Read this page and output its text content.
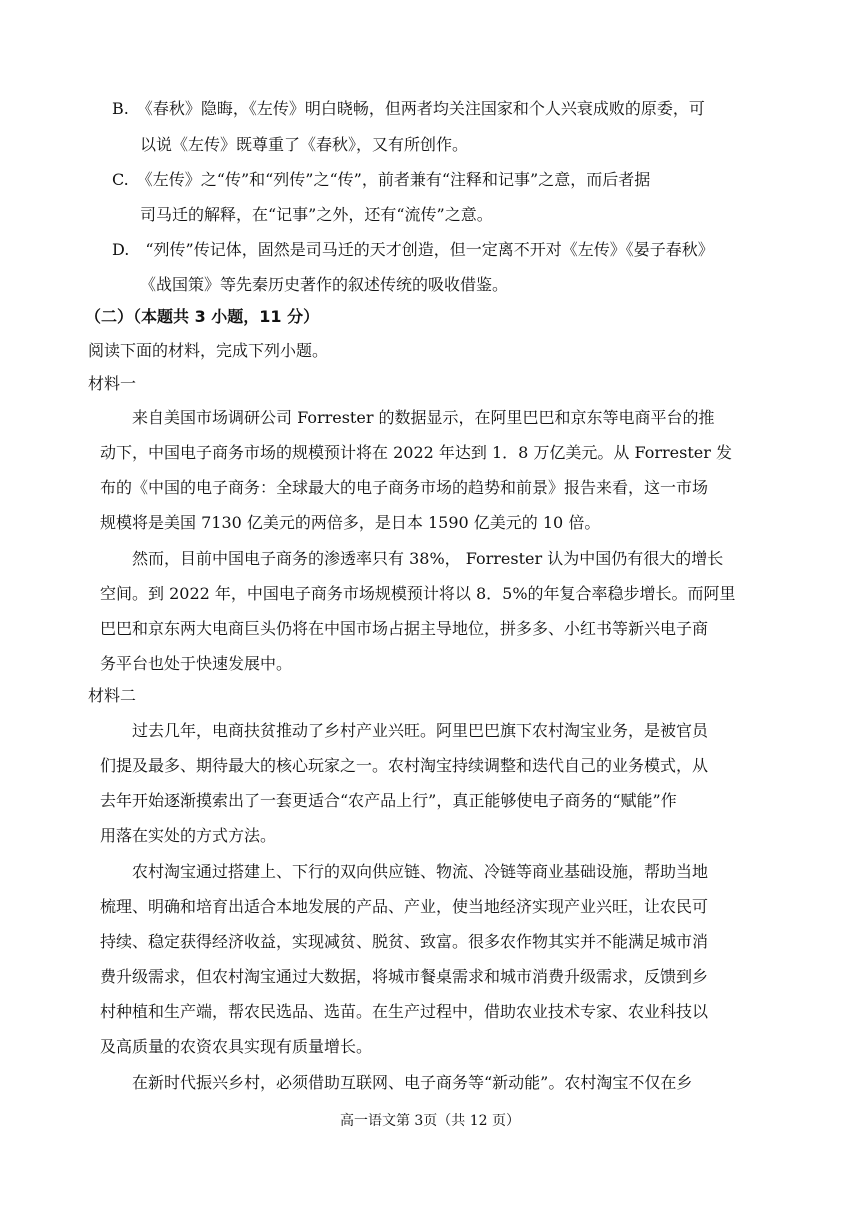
B.　《春秋》隐晦，《左传》明白晓畅，但两者均关注国家和个人兴衰成败的原委，可
以说《左传》既尊重了《春秋》，又有所创作。
C.　《左传》之“传”和“列传”之“传”，前者兼有“注释和记事”之意，而后者据
司马迁的解释，在“记事”之外，还有“流传”之意。
D.　“列传”传记体，固然是司马迁的天才创造，但一定离不开对《左传》《晏子春秋》
《战国策》等先秦历史著作的叙述传统的吸收借鉴。
（二）（本题共 3 小题，11 分）
阅读下面的材料，完成下列小题。
材料一
来自美国市场调研公司 Forrester 的数据显示，在阿里巴巴和京东等电商平台的推
动下，中国电子商务市场的规模预计将在 2022 年达到 1．8 万亿美元。从 Forrester 发
布的《中国的电子商务：全球最大的电子商务市场的趋势和前景》报告来看，这一市场
规模将是美国 7130 亿美元的两倍多，是日本 1590 亿美元的 10 倍。
然而，目前中国电子商务的渗透率只有 38%， Forrester 认为中国仍有很大的增长
空间。到 2022 年，中国电子商务市场规模预计将以 8．5%的年复合率稳步增长。而阿里
巴巴和京东两大电商巨头仍将在中国市场占据主导地位，拼多多、小红书等新兴电子商
务平台也处于快速发展中。
材料二
过去几年，电商扶贫推动了乡村产业兴旺。阿里巴巴旗下农村淘宝业务，是被官员
们提及最多、期待最大的核心玩家之一。农村淘宝持续调整和迭代自己的业务模式，从
去年开始逐渐摸索出了一套更适合“农产品上行”，真正能够使电子商务的“赋能”作
用落在实处的方式方法。
农村淘宝通过搭建上、下行的双向供应链、物流、冷链等商业基础设施，帮助当地
梳理、明确和培育出适合本地发展的产品、产业，使当地经济实现产业兴旺，让农民可
持续、稳定获得经济收益，实现减贫、脱贫、致富。很多农作物其实并不能满足城市消
费升级需求，但农村淘宝通过大数据，将城市餐桌需求和城市消费升级需求，反馈到乡
村种植和生产端，帮农民选品、选苗。在生产过程中，借助农业技术专家、农业科技以
及高质量的农资农具实现有质量增长。
在新时代振兴乡村，必须借助互联网、电子商务等“新动能”。农村淘宝不仅在乡
高一语文第 3页（共 12 页）
